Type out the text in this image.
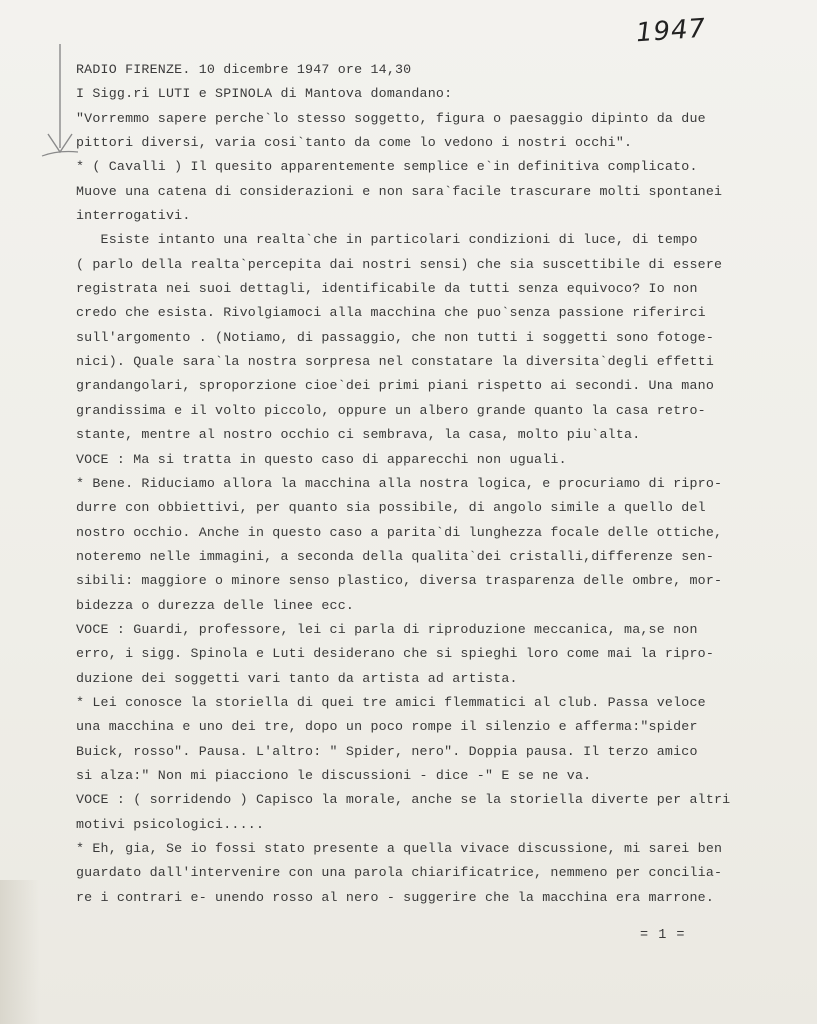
1947
RADIO FIRENZE. 10 dicembre 1947 ore 14,30
I Sigg.ri LUTI e SPINOLA di Mantova domandano:
"Vorremmo sapere perche`lo stesso soggetto, figura o paesaggio dipinto da due
pittori diversi, varia cosi`tanto da come lo vedono i nostri occhi".
* ( Cavalli ) Il quesito apparentemente semplice e`in definitiva complicato.
Muove una catena di considerazioni e non sara`facile trascurare molti spontanei
interrogativi.
Esiste intanto una realta`che in particolari condizioni di luce, di tempo
( parlo della realta`percepita dai nostri sensi) che sia suscettibile di essere
registrata nei suoi dettagli, identificabile da tutti senza equivoco? Io non
credo che esista. Rivolgiamoci alla macchina che puo`senza passione riferirci
sull'argomento . (Notiamo, di passaggio, che non tutti i soggetti sono fotoge-
nici). Quale sara`la nostra sorpresa nel constatare la diversita`degli effetti
grandangolari, sproporzione cioe`dei primi piani rispetto ai secondi. Una mano
grandissima e il volto piccolo, oppure un albero grande quanto la casa retro-
stante, mentre al nostro occhio ci sembrava, la casa, molto piu`alta.
VOCE : Ma si tratta in questo caso di apparecchi non uguali.
* Bene. Riduciamo allora la macchina alla nostra logica, e procuriamo di ripro-
durre con obbiettivi, per quanto sia possibile, di angolo simile a quello del
nostro occhio. Anche in questo caso a parita`di lunghezza focale delle ottiche,
noteremo nelle immagini, a seconda della qualita`dei cristalli,differenze sen-
sibili: maggiore o minore senso plastico, diversa trasparenza delle ombre, mor-
bidezza o durezza delle linee ecc.
VOCE : Guardi, professore, lei ci parla di riproduzione meccanica, ma,se non
erro, i sigg. Spinola e Luti desiderano che si spieghi loro come mai la ripro-
duzione dei soggetti vari tanto da artista ad artista.
* Lei conosce la storiella di quei tre amici flemmatici al club. Passa veloce
una macchina e uno dei tre, dopo un poco rompe il silenzio e afferma:"spider
Buick, rosso". Pausa. L'altro: " Spider, nero". Doppia pausa. Il terzo amico
si alza:" Non mi piacciono le discussioni - dice -" E se ne va.
VOCE : ( sorridendo ) Capisco la morale, anche se la storiella diverte per altri
motivi psicologici.....
* Eh, gia, Se io fossi stato presente a quella vivace discussione, mi sarei ben
guardato dall'intervenire con una parola chiarificatrice, nemmeno per concilia-
re i contrari e- unendo rosso al nero - suggerire che la macchina era marrone.
= 1 =
